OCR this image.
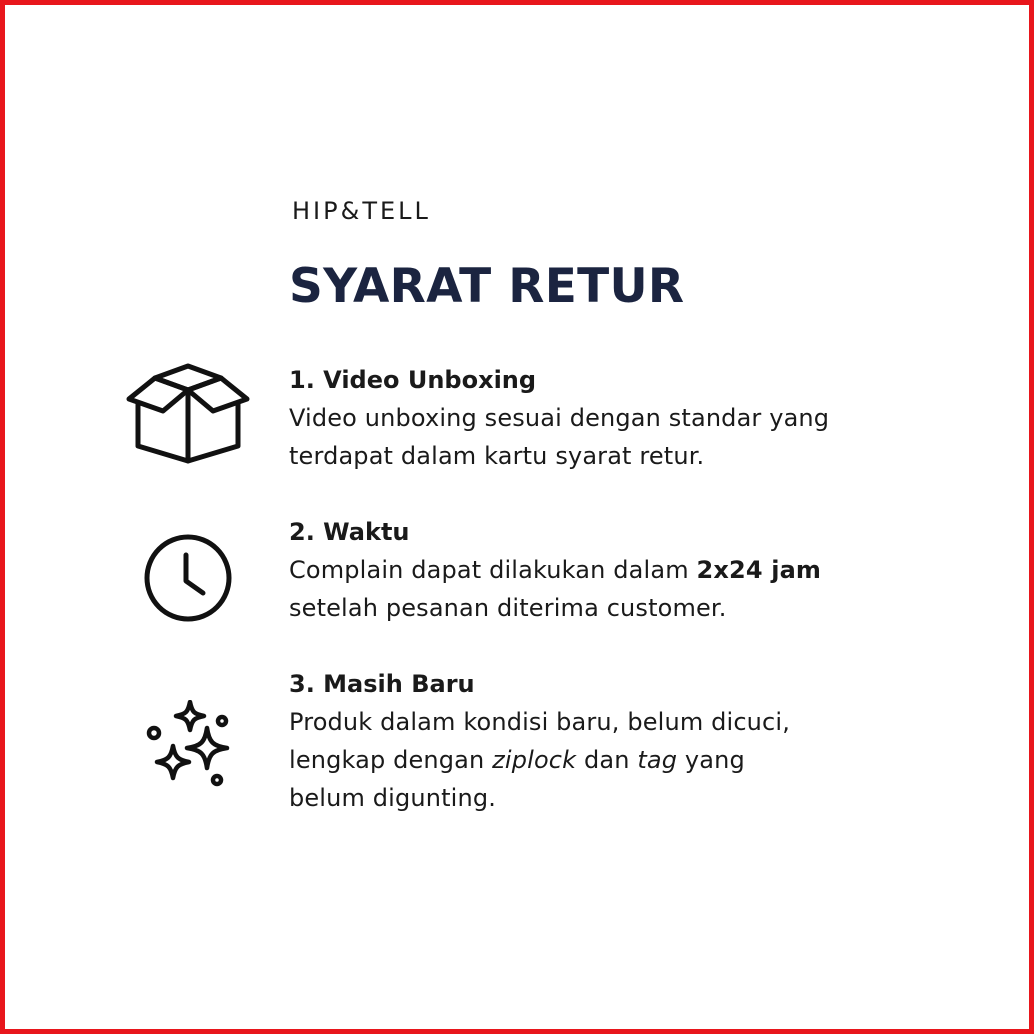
HIP&TELL
SYARAT RETUR
1. Video Unboxing
Video unboxing sesuai dengan standar yang
terdapat dalam kartu syarat retur.
2. Waktu
Complain dapat dilakukan dalam 2x24 jam
setelah pesanan diterima customer.
3. Masih Baru
Produk dalam kondisi baru, belum dicuci,
lengkap dengan ziplock dan tag yang
belum digunting.
